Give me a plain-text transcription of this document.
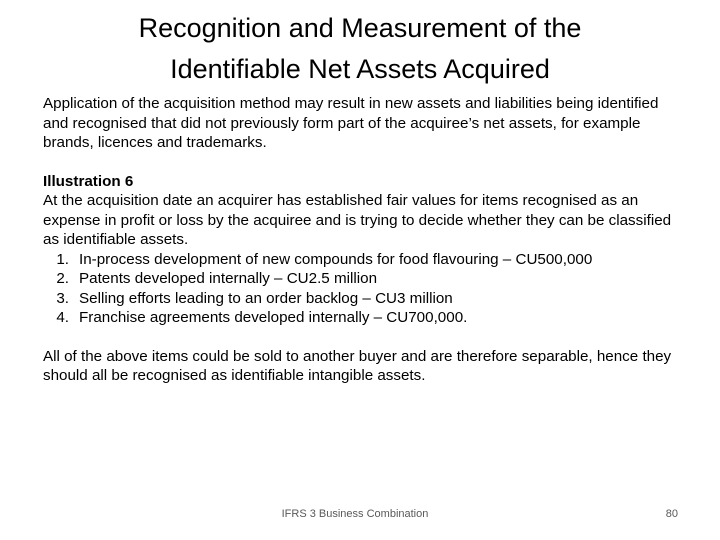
Recognition and Measurement of the
Identifiable Net Assets Acquired

Application of the acquisition method may result in new assets and liabilities being identified and recognised that did not previously form part of the acquiree’s net assets, for example brands, licences and trademarks.

Illustration 6

At the acquisition date an acquirer has established fair values for items recognised as an expense in profit or loss by the acquiree and is trying to decide whether they can be classified as identifiable assets.

1. In-process development of new compounds for food flavouring – CU500,000
2. Patents developed internally – CU2.5 million
3. Selling efforts leading to an order backlog – CU3 million
4. Franchise agreements developed internally – CU700,000.

All of the above items could be sold to another buyer and are therefore separable, hence they should all be recognised as identifiable intangible assets.

IFRS 3 Business Combination	80
